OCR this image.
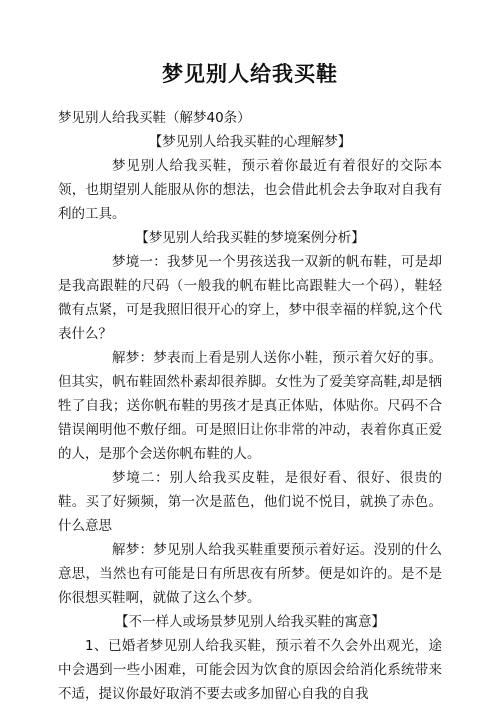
梦见别人给我买鞋

梦见别人给我买鞋（解梦40条）

【梦见别人给我买鞋的心理解梦】

梦见别人给我买鞋，预示着你最近有着很好的交际本领，也期望别人能服从你的想法，也会借此机会去争取对自我有利的工具。

【梦见别人给我买鞋的梦境案例分析】

梦境一：我梦见一个男孩送我一双新的帆布鞋，可是却是我高跟鞋的尺码（一般我的帆布鞋比高跟鞋大一个码），鞋轻微有点紧，可是我照旧很开心的穿上，梦中很幸福的样貌,这个代表什么？

解梦：梦表而上看是别人送你小鞋，预示着欠好的事。但其实，帆布鞋固然朴素却很养脚。女性为了爱美穿高鞋,却是牺牲了自我；送你帆布鞋的男孩才是真正体贴，体贴你。尺码不合错误阐明他不敷仔细。可是照旧让你非常的冲动，表着你真正爱的人，是那个会送你帆布鞋的人。

梦境二：别人给我买皮鞋，是很好看、很好、很贵的鞋。买了好频频，第一次是蓝色，他们说不悦目，就换了赤色。什么意思

解梦：梦见别人给我买鞋重要预示着好运。没别的什么意思，当然也有可能是日有所思夜有所梦。便是如许的。是不是你很想买鞋啊，就做了这么个梦。

【不一样人或场景梦见别人给我买鞋的寓意】

1、已婚者梦见别人给我买鞋，预示着不久会外出观光，途中会遇到一些小困难，可能会因为饮食的原因会给消化系统带来不适，提议你最好取消不要去或多加留心自我的自我
